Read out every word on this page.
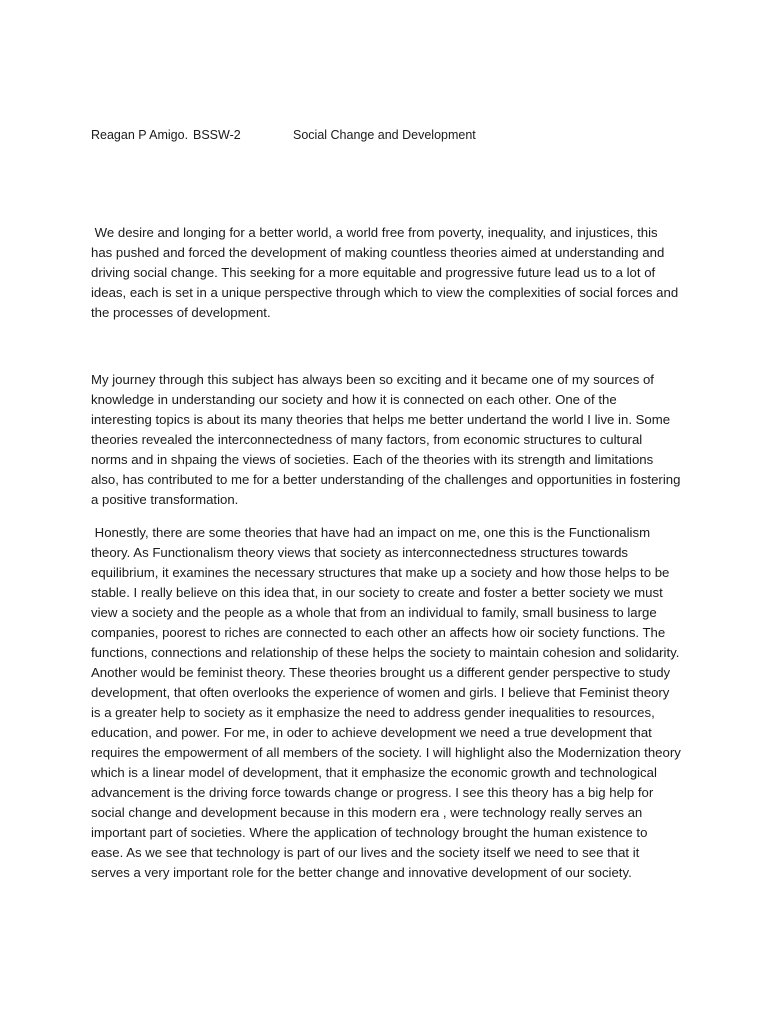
Reagan P Amigo. BSSW-2	Social Change and Development

We desire and longing for a better world, a world free from poverty, inequality, and injustices, this has pushed and forced the development of making countless theories aimed at understanding and driving social change. This seeking for a more equitable and progressive future lead us to a lot of ideas, each is set in a unique perspective through which to view the complexities of social forces and the processes of development.

My journey through this subject has always been so exciting and it became one of my sources of knowledge in understanding our society and how it is connected on each other. One of the interesting topics is about its many theories that helps me better undertand the world I live in. Some theories revealed the interconnectedness of many factors, from economic structures to cultural norms and in shpaing the views of societies. Each of the theories with its strength and limitations also, has contributed to me for a better understanding of the challenges and opportunities in fostering a positive transformation.

Honestly, there are some theories that have had an impact on me, one this is the Functionalism theory. As Functionalism theory views that society as interconnectedness structures towards equilibrium, it examines the necessary structures that make up a society and how those helps to be stable. I really believe on this idea that, in our society to create and foster a better society we must view a society and the people as a whole that from an individual to family, small business to large companies, poorest to riches are connected to each other an affects how oir society functions. The functions, connections and relationship of these helps the society to maintain cohesion and solidarity. Another would be feminist theory. These theories brought us a different gender perspective to study development, that often overlooks the experience of women and girls. I believe that Feminist theory is a greater help to society as it emphasize the need to address gender inequalities to resources, education, and power. For me, in oder to achieve development we need a true development that requires the empowerment of all members of the society. I will highlight also the Modernization theory which is a linear model of development, that it emphasize the economic growth and technological advancement is the driving force towards change or progress. I see this theory has a big help for social change and development because in this modern era , were technology really serves an important part of societies. Where the application of technology brought the human existence to ease. As we see that technology is part of our lives and the society itself we need to see that it serves a very important role for the better change and innovative development of our society.
